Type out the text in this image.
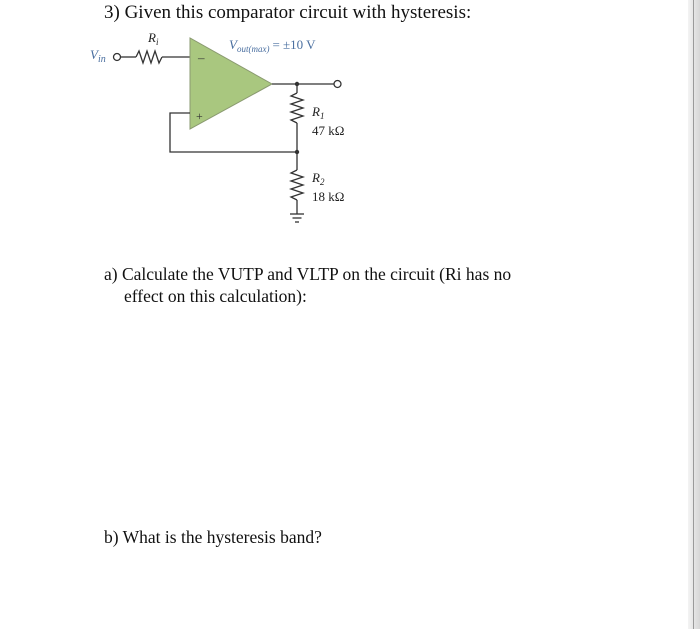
3) Given this comparator circuit with hysteresis:
–
+
$V_{in}$
$R_i$	$V_{out(max)} = \pm 10$ V
$R_1$
47 kΩ
$R_2$
18 kΩ
a) Calculate the VUTP and VLTP on the circuit (Ri has no
effect on this calculation):
b) What is the hysteresis band?
